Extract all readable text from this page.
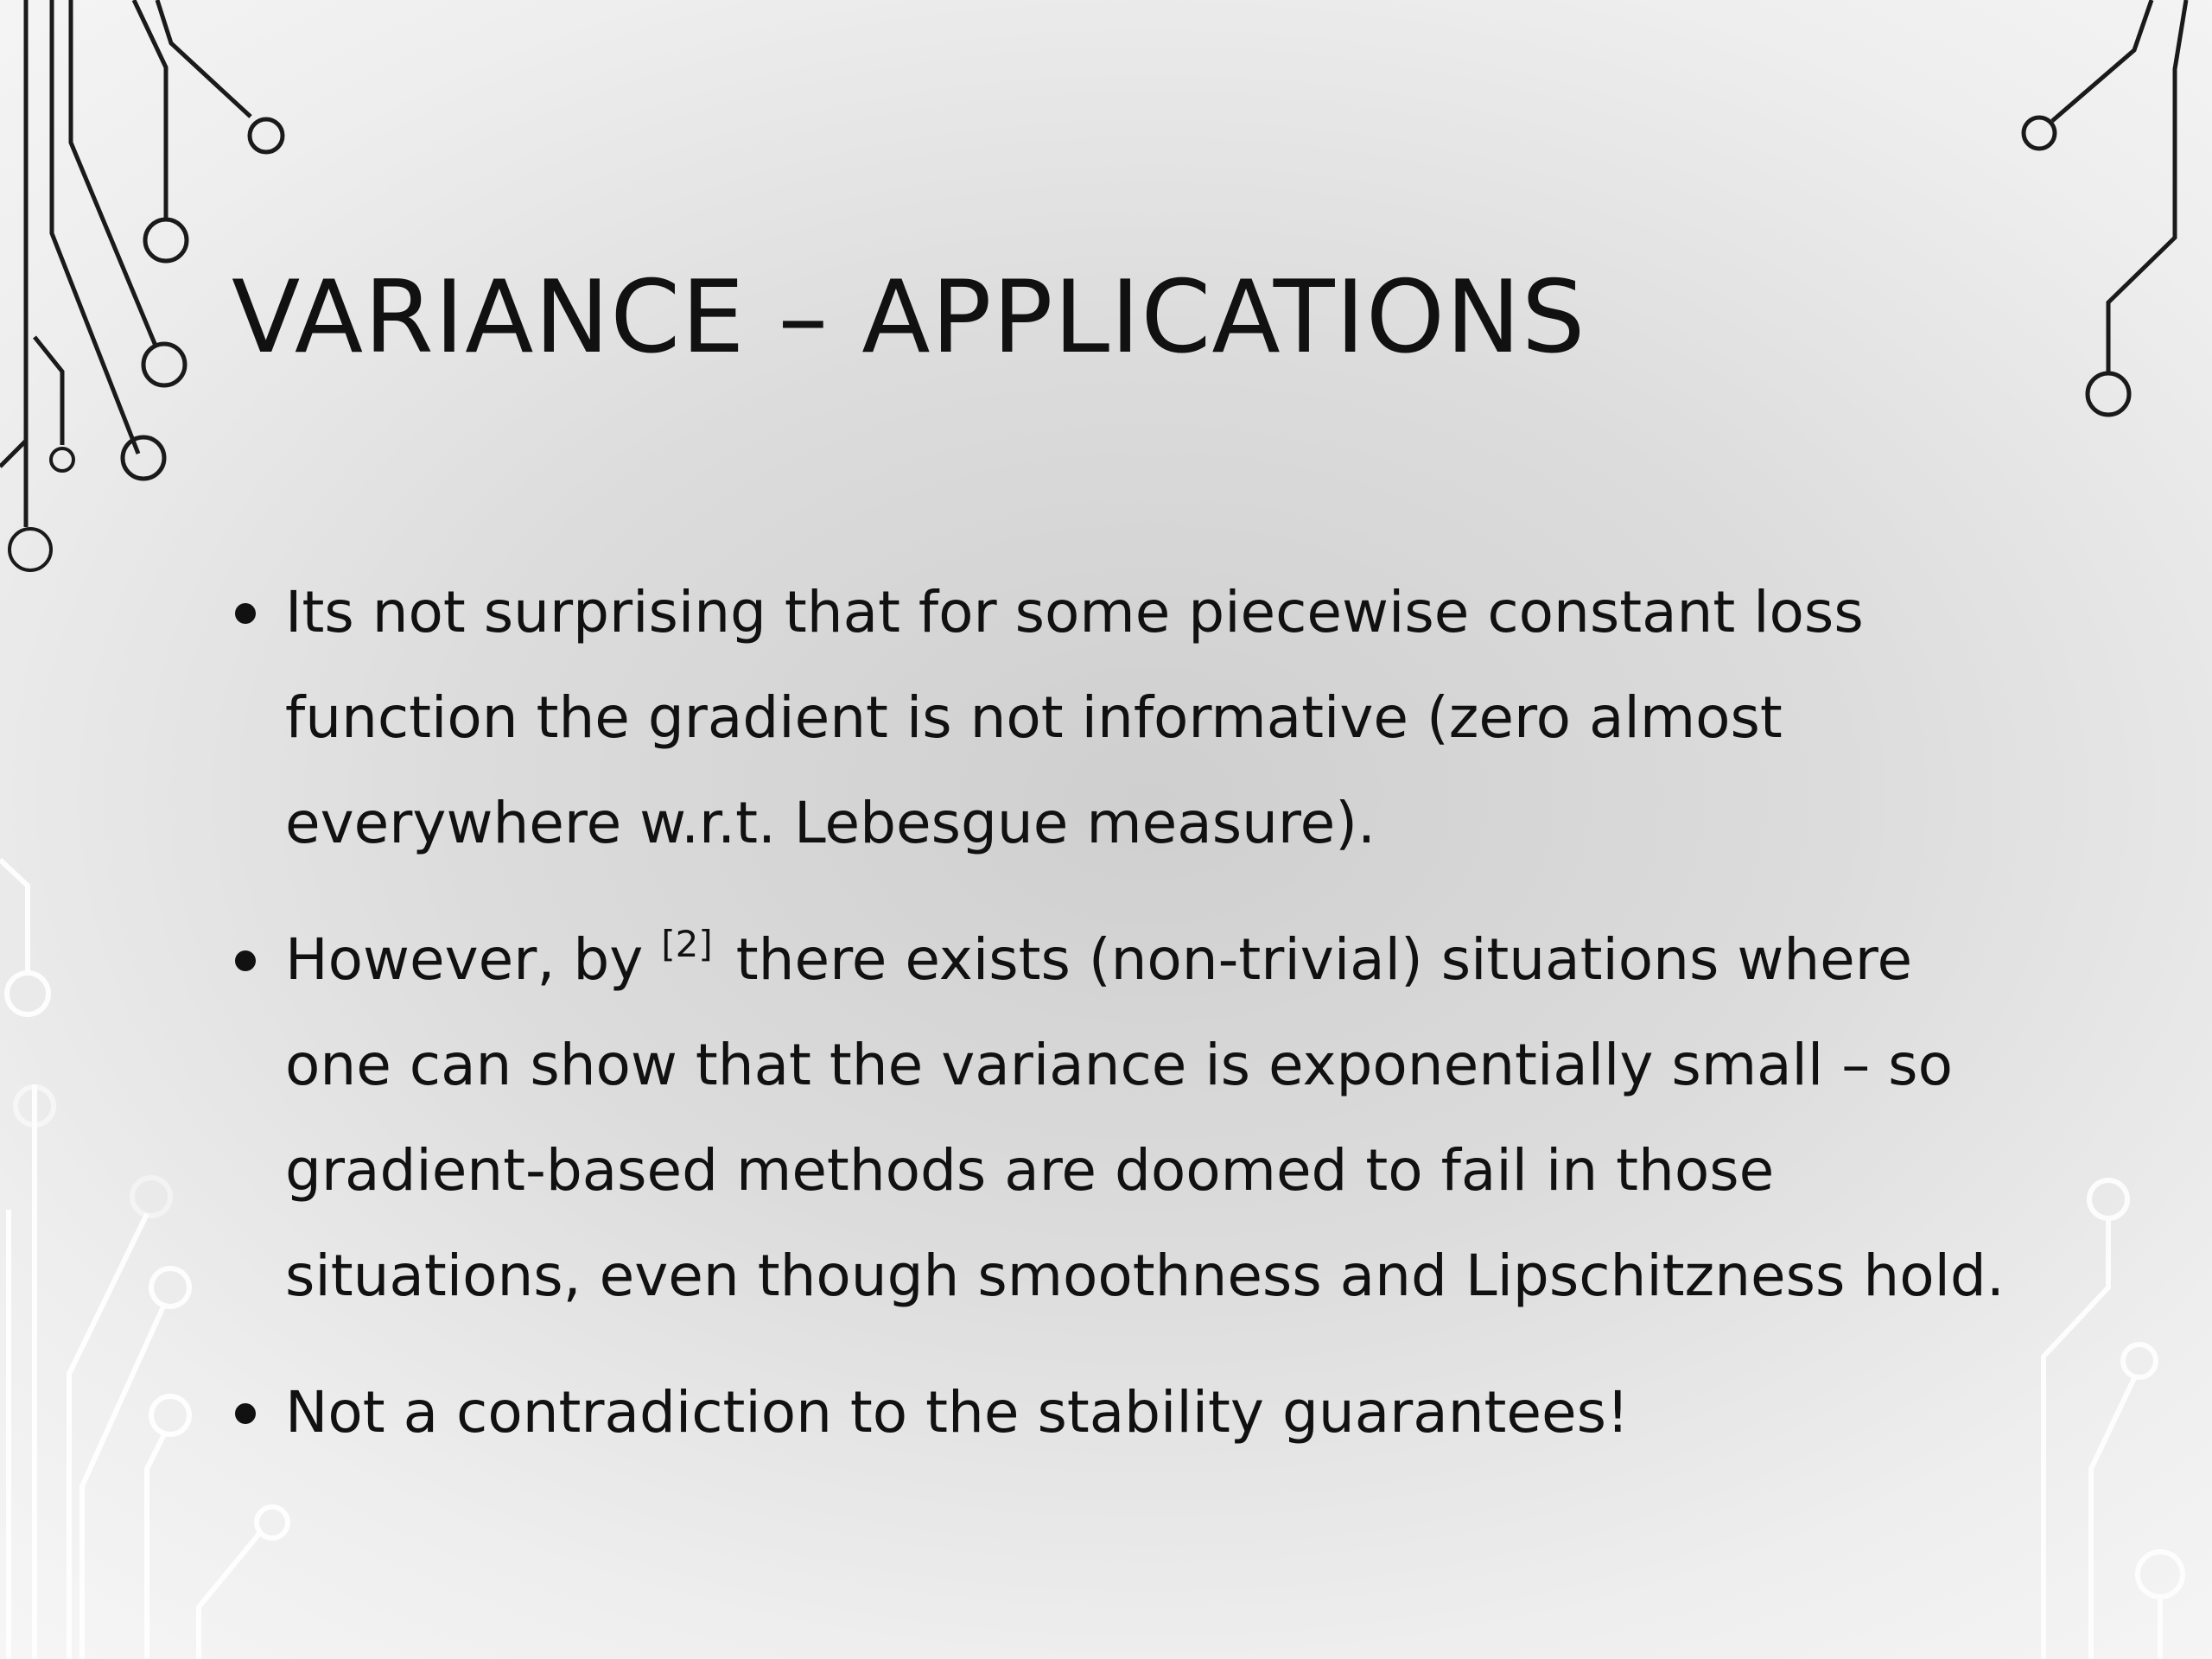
VARIANCE – APPLICATIONS
Its not surprising that for some piecewise constant loss function the gradient is not informative (zero almost everywhere w.r.t. Lebesgue measure).
However, by [2] there exists (non-trivial) situations where one can show that the variance is exponentially small – so gradient-based methods are doomed to fail in those situations, even though smoothness and Lipschitzness hold.
Not a contradiction to the stability guarantees!
